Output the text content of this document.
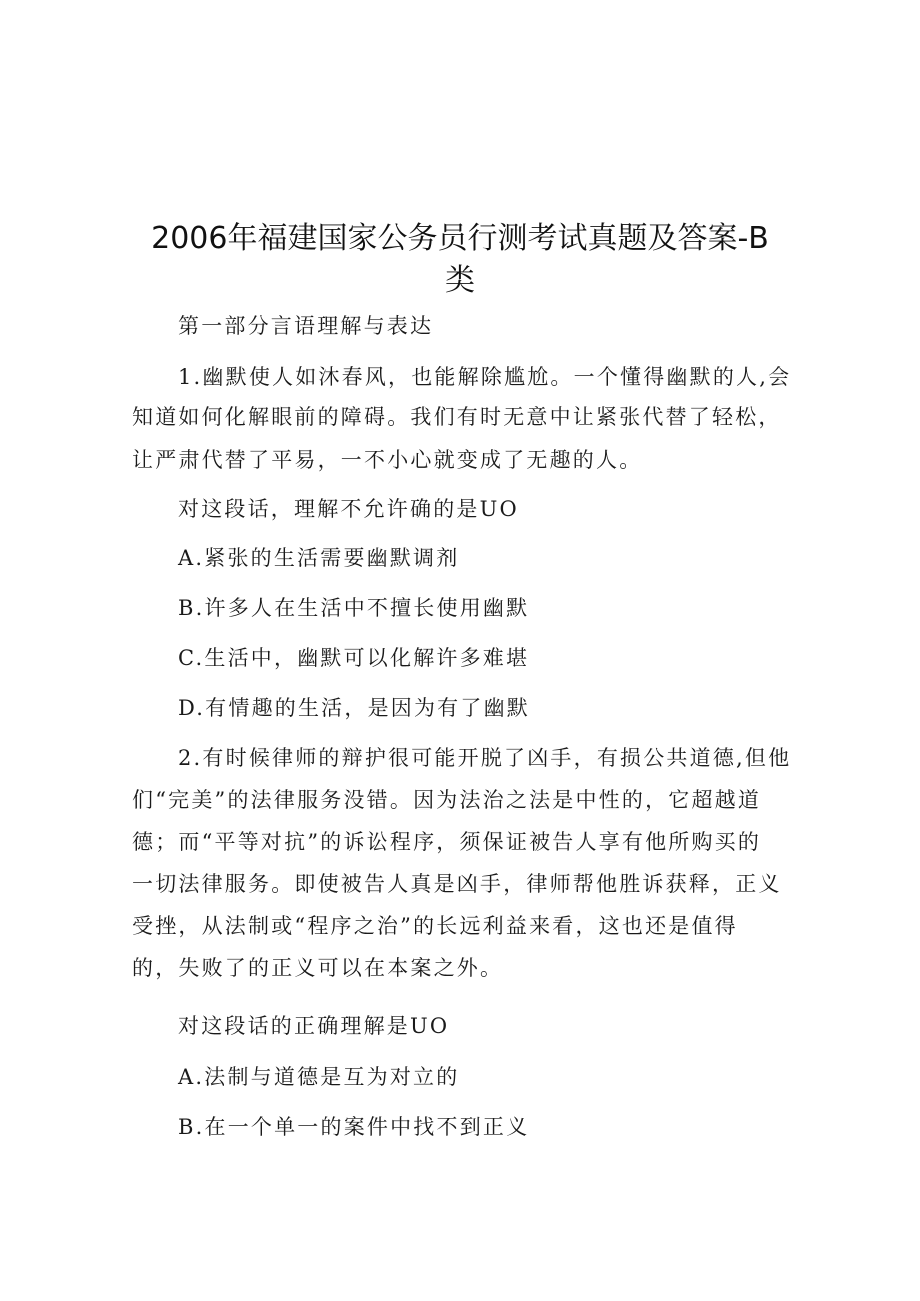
2006年福建国家公务员行测考试真题及答案-B
类
第一部分言语理解与表达
1.幽默使人如沐春风，也能解除尴尬。一个懂得幽默的人,会
知道如何化解眼前的障碍。我们有时无意中让紧张代替了轻松，
让严肃代替了平易，一不小心就变成了无趣的人。
对这段话，理解不允许确的是UO
A.紧张的生活需要幽默调剂
B.许多人在生活中不擅长使用幽默
C.生活中，幽默可以化解许多难堪
D.有情趣的生活，是因为有了幽默
2.有时候律师的辩护很可能开脱了凶手，有损公共道德,但他
们“完美”的法律服务没错。因为法治之法是中性的，它超越道
德；而“平等对抗”的诉讼程序，须保证被告人享有他所购买的
一切法律服务。即使被告人真是凶手，律师帮他胜诉获释，正义
受挫，从法制或“程序之治”的长远利益来看，这也还是值得
的，失败了的正义可以在本案之外。
对这段话的正确理解是UO
A.法制与道德是互为对立的
B.在一个单一的案件中找不到正义
